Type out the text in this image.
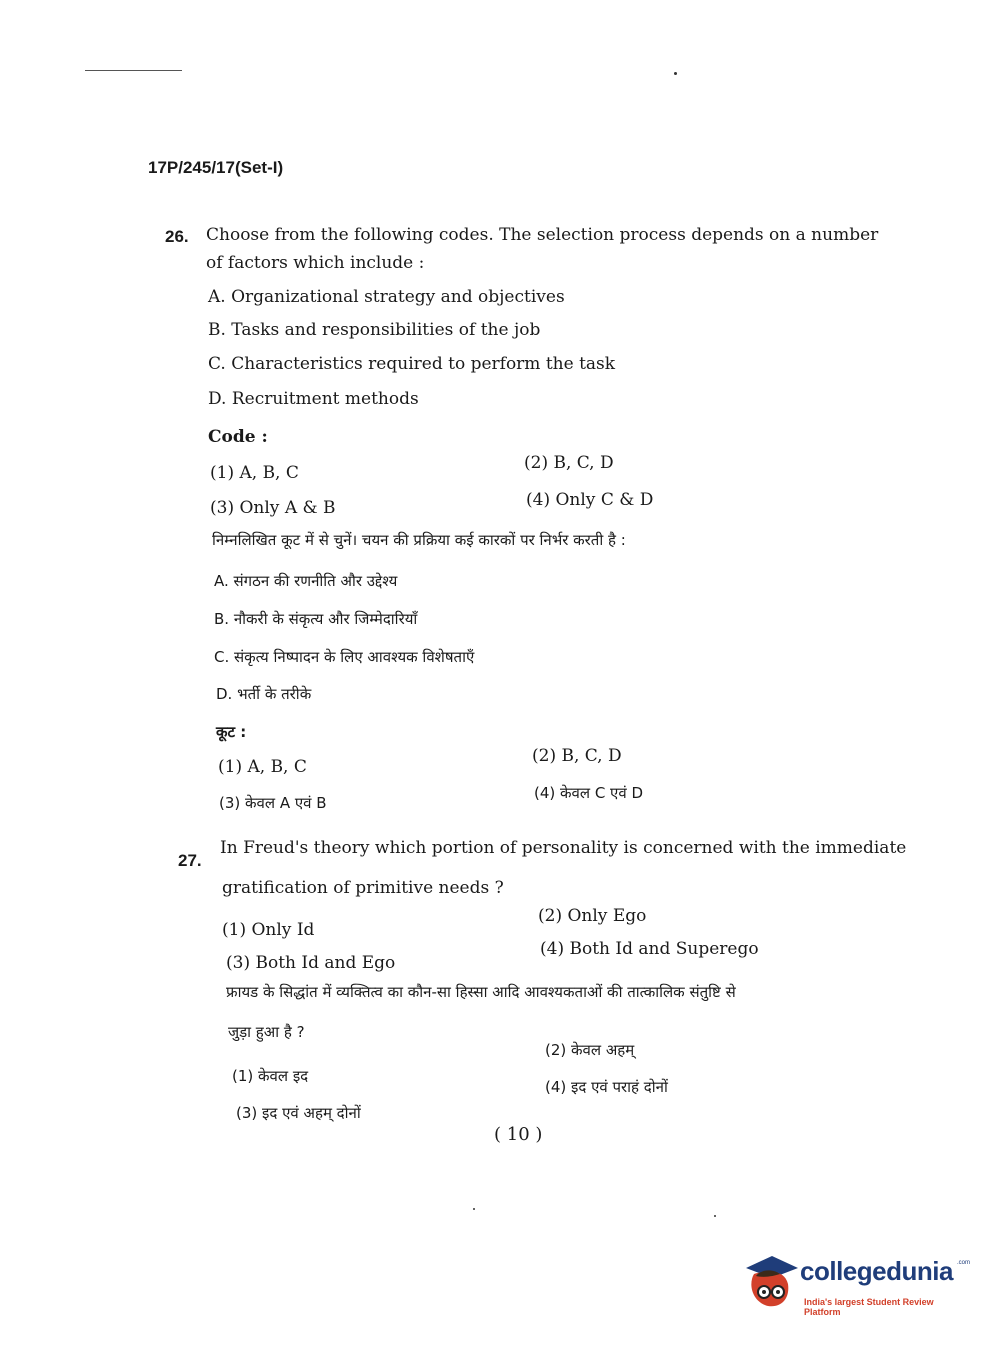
17P/245/17(Set-I)
26. Choose from the following codes. The selection process depends on a number
of factors which include :
A. Organizational strategy and objectives
B. Tasks and responsibilities of the job
C. Characteristics required to perform the task
D. Recruitment methods
Code :
(1) A, B, C	(2) B, C, D
(3) Only A & B	(4) Only C & D
निम्नलिखित कूट में से चुनें। चयन की प्रक्रिया कई कारकों पर निर्भर करती है :
A. संगठन की रणनीति और उद्देश्य
B. नौकरी के संकृत्य और जिम्मेदारियाँ
C. संकृत्य निष्पादन के लिए आवश्यक विशेषताएँ
D. भर्ती के तरीके
कूट :
(1) A, B, C
(2) B, C, D
(3) केवल A एवं B
(4) केवल C एवं D
27.
In Freud's theory which portion of personality is concerned with the immediate
gratification of primitive needs ?
(1) Only Id
(2) Only Ego
(3) Both Id and Ego
(4) Both Id and Superego
फ्रायड के सिद्धांत में व्यक्तित्व का कौन-सा हिस्सा आदि आवश्यकताओं की तात्कालिक संतुष्टि से
जुड़ा हुआ है ?
(1) केवल इद
(2) केवल अहम्
(3) इद एवं अहम् दोनों
(4) इद एवं पराहं दोनों
( 10 )
collegedunia .com
India's largest Student Review Platform
